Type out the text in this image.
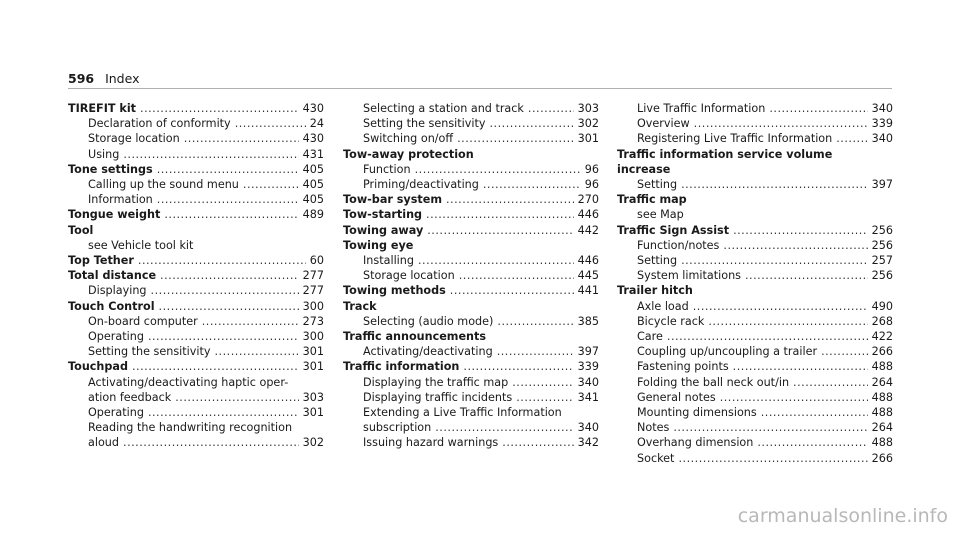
596 Index
TIREFIT kit .....	430
Declaration of conformity .....	24
Storage location .....	430
Using .....	431
Tone settings .....	405
Calling up the sound menu .....	405
Information .....	405
Tongue weight .....	489
Tool
see Vehicle tool kit
Top Tether .....	60
Total distance .....	277
Displaying .....	277
Touch Control .....	300
On-board computer .....	273
Operating .....	300
Setting the sensitivity .....	301
Touchpad .....	301
Activating/deactivating haptic oper-
ation feedback .....	303
Operating .....	301
Reading the handwriting recognition
aloud .....	302
Selecting a station and track .....	303
Setting the sensitivity .....	302
Switching on/off .....	301
Tow-away protection
Function .....	96
Priming/deactivating .....	96
Tow-bar system .....	270
Tow-starting .....	446
Towing away .....	442
Towing eye
Installing .....	446
Storage location .....	445
Towing methods .....	441
Track
Selecting (audio mode) .....	385
Traffic announcements
Activating/deactivating .....	397
Traffic information .....	339
Displaying the traffic map .....	340
Displaying traffic incidents .....	341
Extending a Live Traffic Information
subscription .....	340
Issuing hazard warnings .....	342
Live Traffic Information .....	340
Overview .....	339
Registering Live Traffic Information .....	340
Traffic information service volume
increase
Setting .....	397
Traffic map
see Map
Traffic Sign Assist .....	256
Function/notes .....	256
Setting .....	257
System limitations .....	256
Trailer hitch
Axle load .....	490
Bicycle rack .....	268
Care .....	422
Coupling up/uncoupling a trailer .....	266
Fastening points .....	488
Folding the ball neck out/in .....	264
General notes .....	488
Mounting dimensions .....	488
Notes .....	264
Overhang dimension .....	488
Socket .....	266
carmanualsonline.info
